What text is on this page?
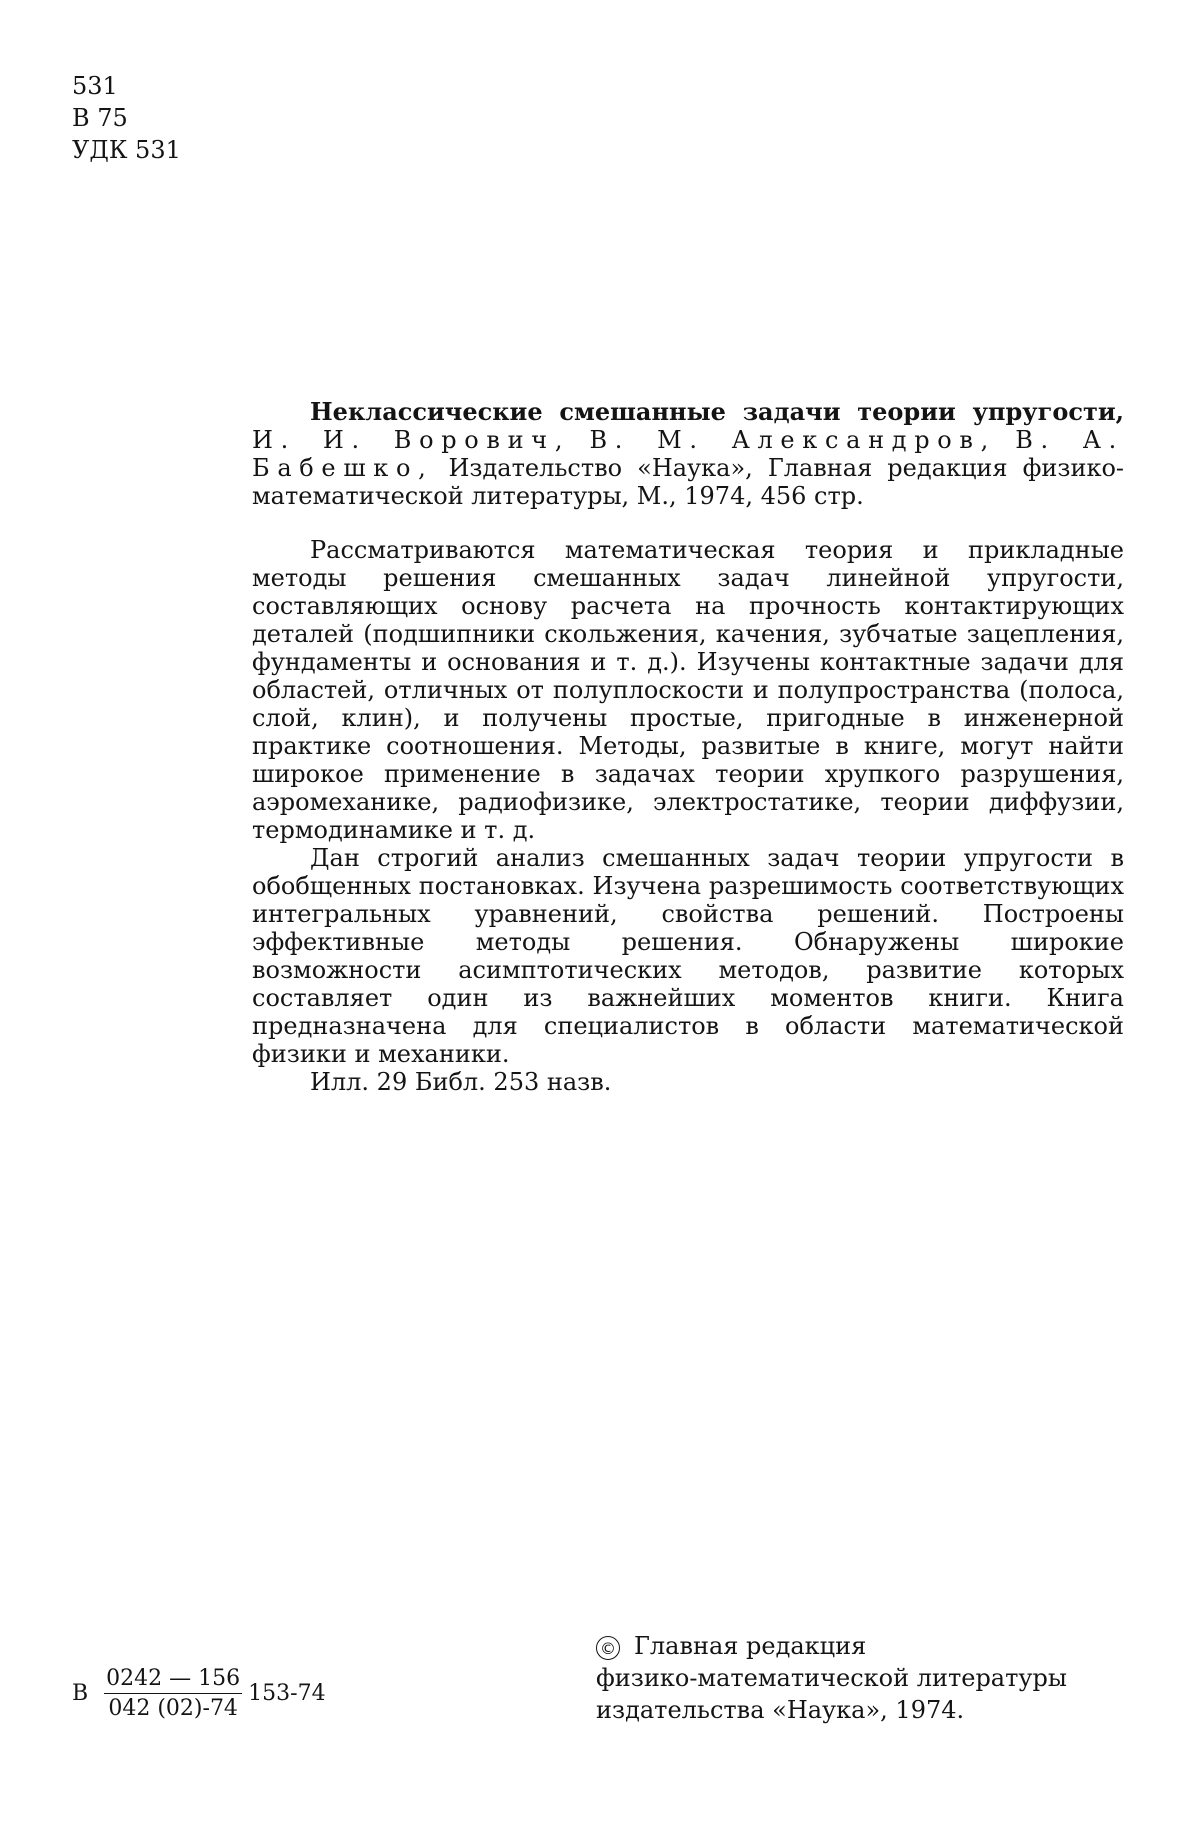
531
В 75
УДК 531

Неклассические смешанные задачи теории упругости, И. И. Ворович, В. М. Александров, В. А. Бабешко, Издательство «Наука», Главная редакция физико-математической литературы, М., 1974, 456 стр.

Рассматриваются математическая теория и прикладные методы решения смешанных задач линейной упругости, составляющих основу расчета на прочность контактирующих деталей (подшипники скольжения, качения, зубчатые зацепления, фундаменты и основания и т. д.). Изучены контактные задачи для областей, отличных от полуплоскости и полупространства (полоса, слой, клин), и получены простые, пригодные в инженерной практике соотношения. Методы, развитые в книге, могут найти широкое применение в задачах теории хрупкого разрушения, аэромеханике, радиофизике, электростатике, теории диффузии, термодинамике и т. д.

Дан строгий анализ смешанных задач теории упругости в обобщенных постановках. Изучена разрешимость соответствующих интегральных уравнений, свойства решений. Построены эффективные методы решения. Обнаружены широкие возможности асимптотических методов, развитие которых составляет один из важнейших моментов книги. Книга предназначена для специалистов в области математической физики и механики.

Илл. 29 Библ. 253 назв.

В $\frac{0242 — 156}{042 (02)-74} 153-74$
© Главная редакция
физико-математической литературы
издательства «Наука», 1974.
